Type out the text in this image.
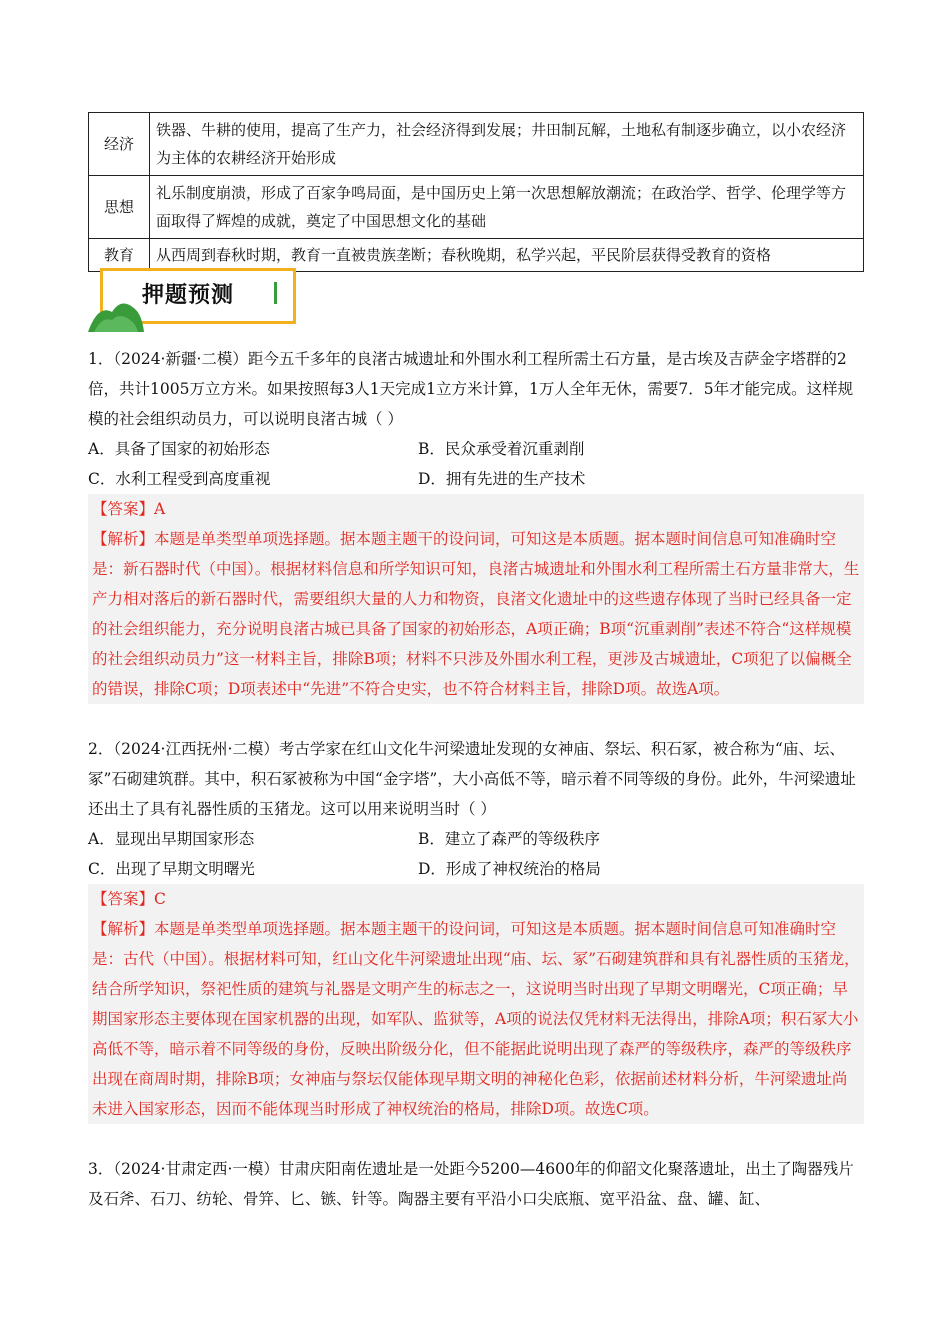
经济	铁器、牛耕的使用，提高了生产力，社会经济得到发展；井田制瓦解，土地私有制逐步确立，以小农经济为主体的农耕经济开始形成
思想	礼乐制度崩溃，形成了百家争鸣局面，是中国历史上第一次思想解放潮流；在政治学、哲学、伦理学等方面取得了辉煌的成就，奠定了中国思想文化的基础
教育	从西周到春秋时期，教育一直被贵族垄断；春秋晚期，私学兴起，平民阶层获得受教育的资格
押题预测
1．（2024·新疆·二模）距今五千多年的良渚古城遗址和外围水利工程所需土石方量，是古埃及吉萨金字塔群的2倍，共计1005万立方米。如果按照每3人1天完成1立方米计算，1万人全年无休，需要7．5年才能完成。这样规模的社会组织动员力，可以说明良渚古城（ ）
A．具备了国家的初始形态	B．民众承受着沉重剥削
C．水利工程受到高度重视	D．拥有先进的生产技术
【答案】A
【解析】本题是单类型单项选择题。据本题主题干的设问词，可知这是本质题。据本题时间信息可知准确时空是：新石器时代（中国）。根据材料信息和所学知识可知，良渚古城遗址和外围水利工程所需土石方量非常大，生产力相对落后的新石器时代，需要组织大量的人力和物资，良渚文化遗址中的这些遗存体现了当时已经具备一定的社会组织能力，充分说明良渚古城已具备了国家的初始形态，A项正确；B项“沉重剥削”表述不符合“这样规模的社会组织动员力”这一材料主旨，排除B项；材料不只涉及外围水利工程，更涉及古城遗址，C项犯了以偏概全的错误，排除C项；D项表述中“先进”不符合史实，也不符合材料主旨，排除D项。故选A项。
2．（2024·江西抚州·二模）考古学家在红山文化牛河梁遗址发现的女神庙、祭坛、积石冢，被合称为“庙、坛、冢”石砌建筑群。其中，积石冢被称为中国“金字塔”，大小高低不等，暗示着不同等级的身份。此外，牛河梁遗址还出土了具有礼器性质的玉猪龙。这可以用来说明当时（ ）
A．显现出早期国家形态	B．建立了森严的等级秩序
C．出现了早期文明曙光	D．形成了神权统治的格局
【答案】C
【解析】本题是单类型单项选择题。据本题主题干的设问词，可知这是本质题。据本题时间信息可知准确时空是：古代（中国）。根据材料可知，红山文化牛河梁遗址出现“庙、坛、冢”石砌建筑群和具有礼器性质的玉猪龙，结合所学知识，祭祀性质的建筑与礼器是文明产生的标志之一，这说明当时出现了早期文明曙光，C项正确；早期国家形态主要体现在国家机器的出现，如军队、监狱等，A项的说法仅凭材料无法得出，排除A项；积石冢大小高低不等，暗示着不同等级的身份，反映出阶级分化，但不能据此说明出现了森严的等级秩序，森严的等级秩序出现在商周时期，排除B项；女神庙与祭坛仅能体现早期文明的神秘化色彩，依据前述材料分析，牛河梁遗址尚未进入国家形态，因而不能体现当时形成了神权统治的格局，排除D项。故选C项。
3．（2024·甘肃定西·一模）甘肃庆阳南佐遗址是一处距今5200—4600年的仰韶文化聚落遗址，出土了陶器残片及石斧、石刀、纺轮、骨笄、匕、镞、针等。陶器主要有平沿小口尖底瓶、宽平沿盆、盘、罐、缸、
